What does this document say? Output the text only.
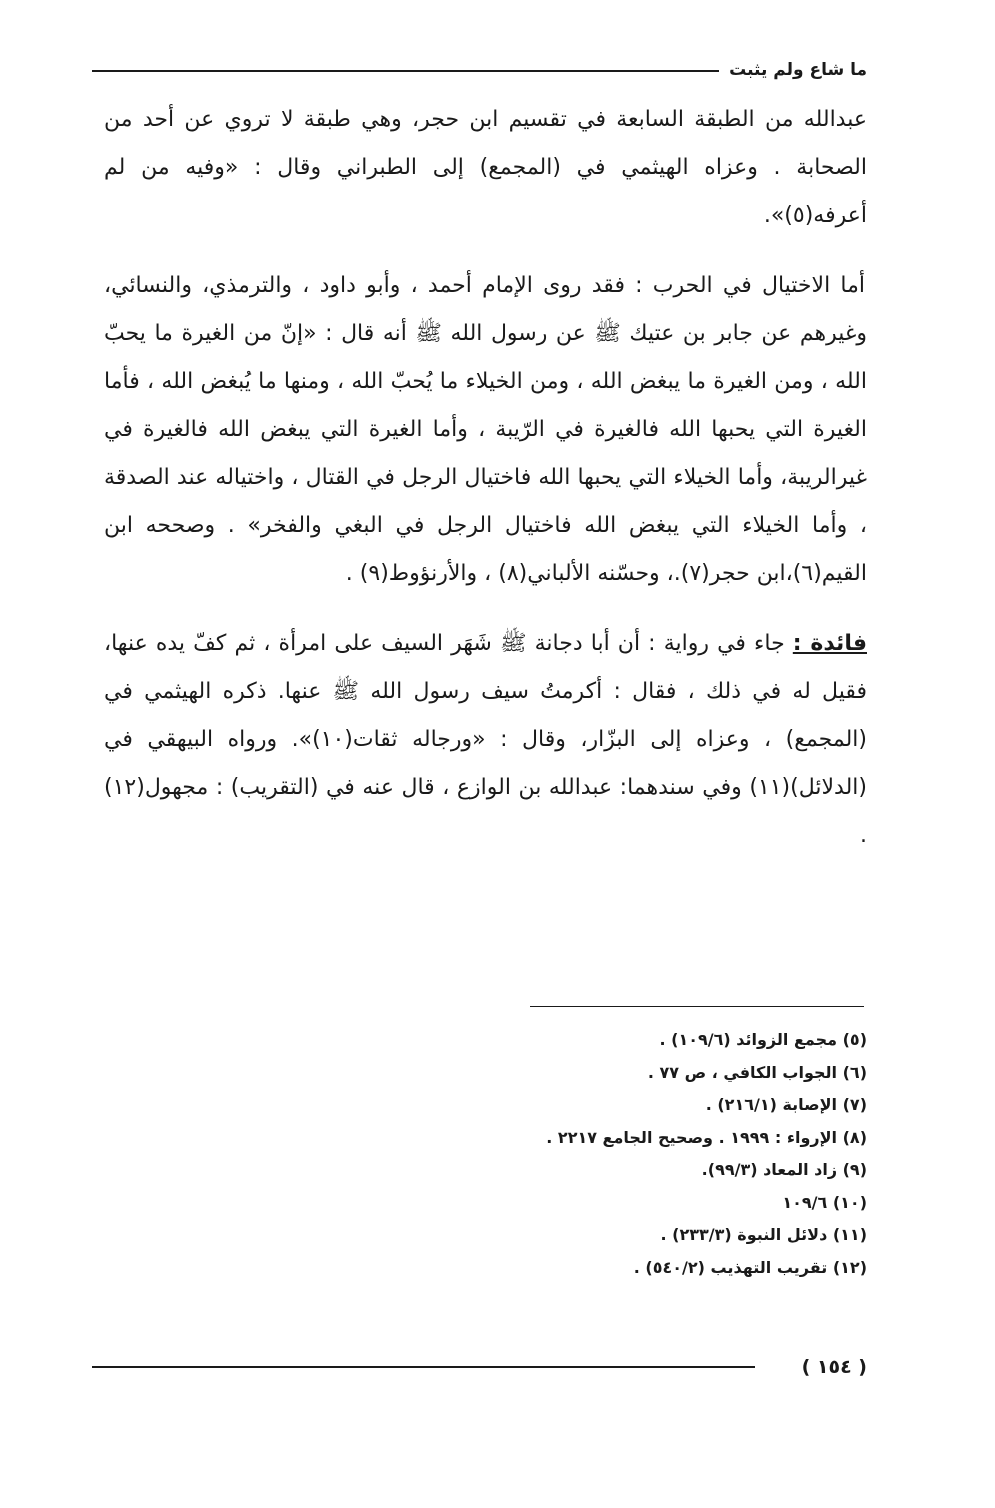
ما شاع ولم يثبت

عبدالله من الطبقة السابعة في تقسيم ابن حجر، وهي طبقة لا تروي عن أحد من الصحابة . وعزاه الهيثمي في (المجمع) إلى الطبراني وقال : «وفيه من لم أعرفه(٥)».

أما الاختيال في الحرب : فقد روى الإمام أحمد ، وأبو داود ، والترمذي، والنسائي، وغيرهم عن جابر بن عتيك ﷺ عن رسول الله ﷺ أنه قال : «إنّ من الغيرة ما يحبّ الله ، ومن الغيرة ما يبغض الله ، ومن الخيلاء ما يُحبّ الله ، ومنها ما يُبغض الله ، فأما الغيرة التي يحبها الله فالغيرة في الرّيبة ، وأما الغيرة التي يبغض الله فالغيرة في غيرالريبة، وأما الخيلاء التي يحبها الله فاختيال الرجل في القتال ، واختياله عند الصدقة ، وأما الخيلاء التي يبغض الله فاختيال الرجل في البغي والفخر» . وصححه ابن القيم(٦)،ابن حجر(٧).، وحسّنه الألباني(٨) ، والأرنؤوط(٩) .

فائدة : جاء في رواية : أن أبا دجانة ﷺ شَهَر السيف على امرأة ، ثم كفّ يده عنها، فقيل له في ذلك ، فقال : أكرمتُ سيف رسول الله ﷺ عنها. ذكره الهيثمي في (المجمع) ، وعزاه إلى البزّار، وقال : «ورجاله ثقات(١٠)». ورواه البيهقي في (الدلائل)(١١) وفي سندهما: عبدالله بن الوازع ، قال عنه في (التقريب) : مجهول(١٢) .

(٥) مجمع الزوائد (١٠٩/٦) .
(٦) الجواب الكافي ، ص ٧٧ .
(٧) الإصابة (٢١٦/١) .
(٨) الإرواء : ١٩٩٩ . وصحيح الجامع ٢٢١٧ .
(٩) زاد المعاد (٩٩/٣).
(١٠) ١٠٩/٦
(١١) دلائل النبوة (٢٣٣/٣) .
(١٢) تقريب التهذيب (٥٤٠/٢) .
( ١٥٤ )
